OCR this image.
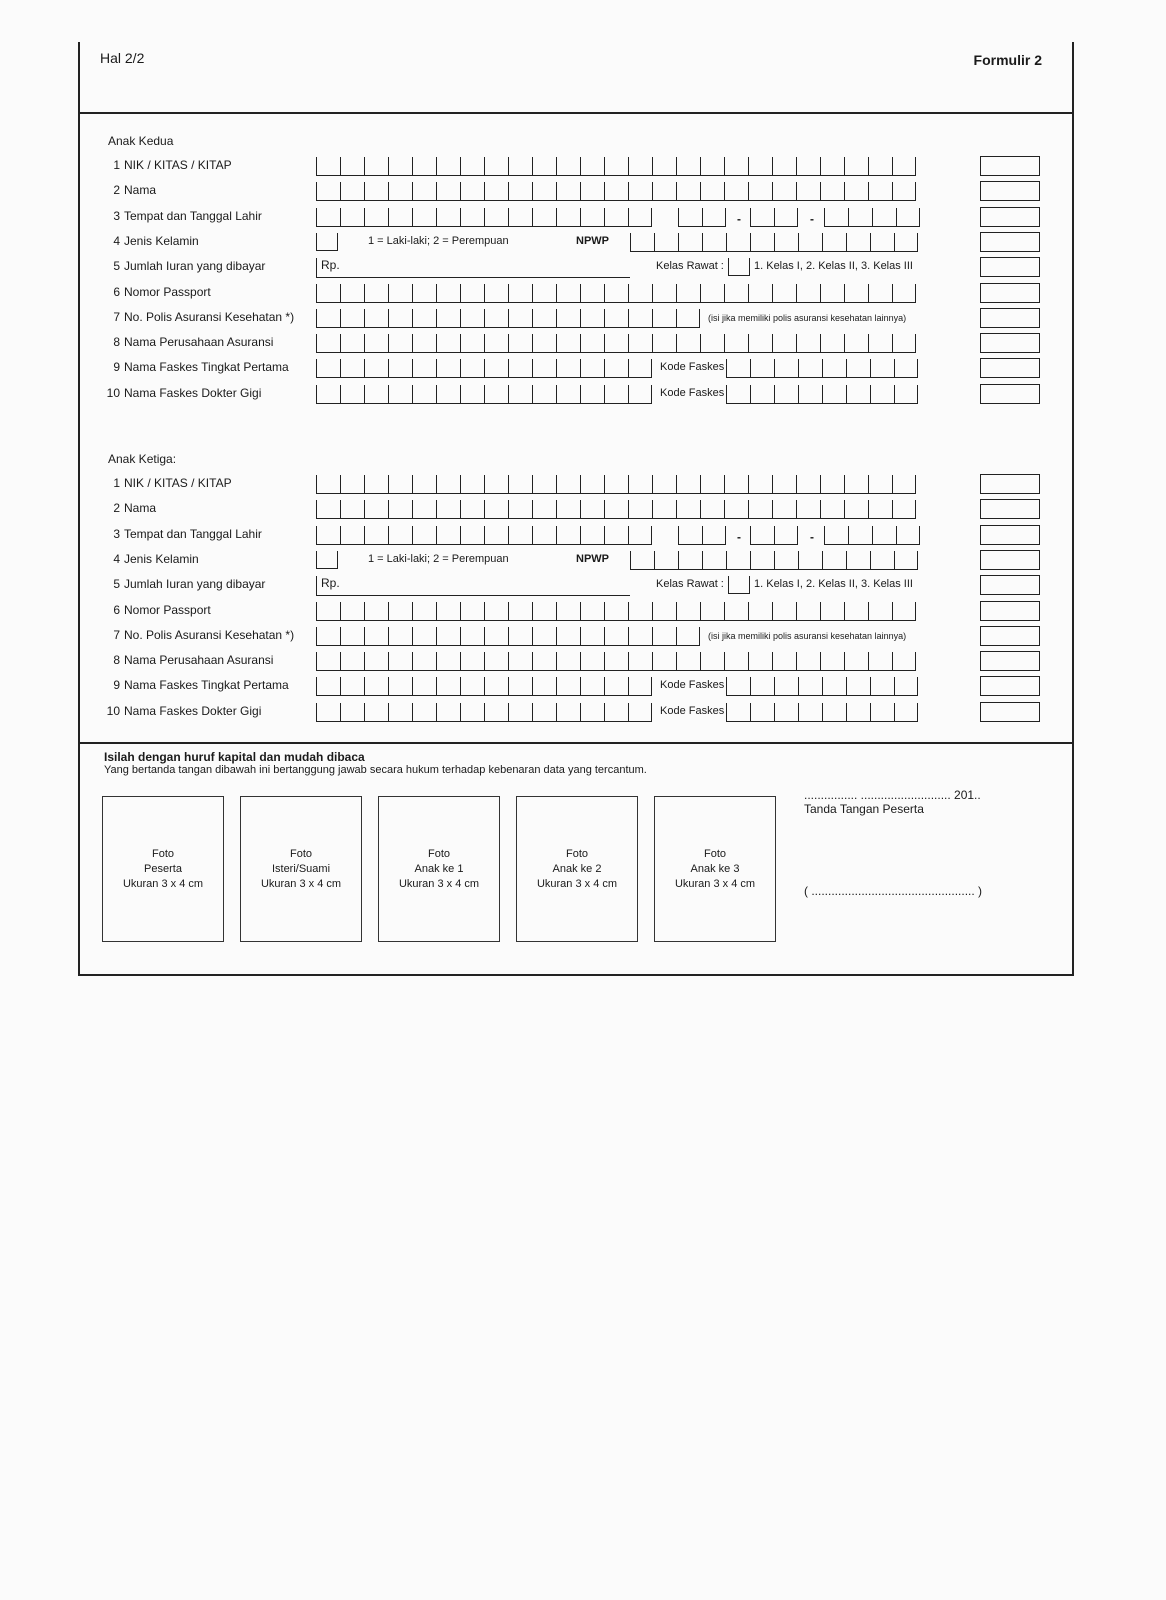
Hal 2/2	Formulir 2
Anak Kedua
1 NIK / KITAS / KITAP
2 Nama
3 Tempat dan Tanggal Lahir	-	-
4 Jenis Kelamin	1 = Laki-laki; 2 = Perempuan	NPWP
5 Jumlah Iuran yang dibayar	Rp.	Kelas Rawat :	1. Kelas I, 2. Kelas II, 3. Kelas III
6 Nomor Passport
7 No. Polis Asuransi Kesehatan *)	(isi jika memiliki polis asuransi kesehatan lainnya)
8 Nama Perusahaan Asuransi
9 Nama Faskes Tingkat Pertama	Kode Faskes
10 Nama Faskes Dokter Gigi	Kode Faskes
Anak Ketiga:
1 NIK / KITAS / KITAP
2 Nama
3 Tempat dan Tanggal Lahir	-	-
4 Jenis Kelamin	1 = Laki-laki; 2 = Perempuan	NPWP
5 Jumlah Iuran yang dibayar	Rp.	Kelas Rawat :	1. Kelas I, 2. Kelas II, 3. Kelas III
6 Nomor Passport
7 No. Polis Asuransi Kesehatan *)	(isi jika memiliki polis asuransi kesehatan lainnya)
8 Nama Perusahaan Asuransi
9 Nama Faskes Tingkat Pertama	Kode Faskes
10 Nama Faskes Dokter Gigi	Kode Faskes
Isilah dengan huruf kapital dan mudah dibaca
Yang bertanda tangan dibawah ini bertanggung jawab secara hukum terhadap kebenaran data yang tercantum.
Foto
Peserta
Ukuran 3 x 4 cm
Foto
Isteri/Suami
Ukuran 3 x 4 cm
Foto
Anak ke 1
Ukuran 3 x 4 cm
Foto
Anak ke 2
Ukuran 3 x 4 cm
Foto
Anak ke 3
Ukuran 3 x 4 cm
................ ........................... 201..
Tanda Tangan Peserta
( ................................................. )
